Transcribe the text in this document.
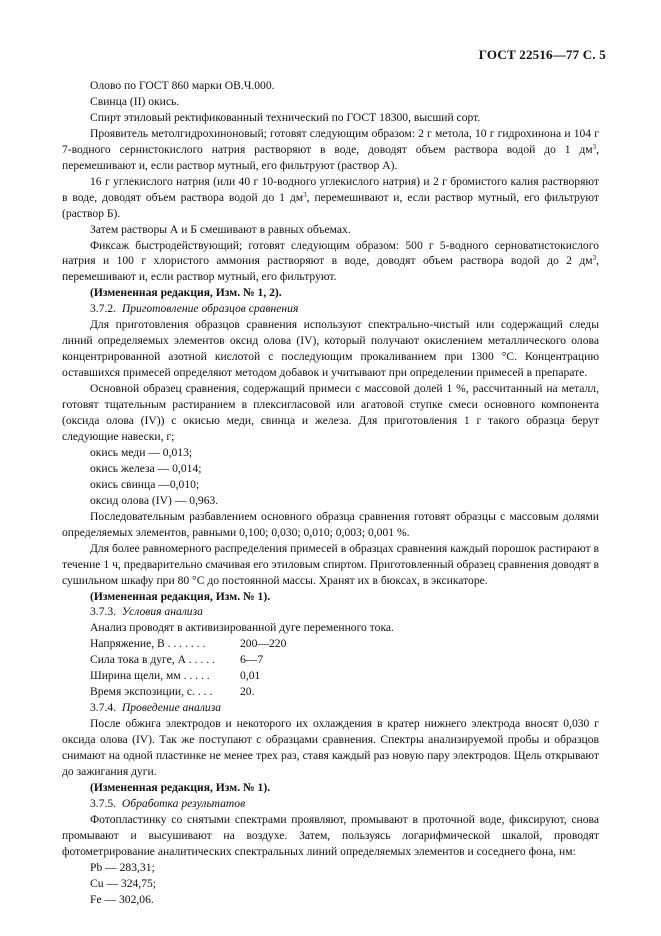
ГОСТ 22516—77 С. 5

Олово по ГОСТ 860 марки ОВ.Ч.000.

Свинца (II) окись.

Спирт этиловый ректификованный технический по ГОСТ 18300, высший сорт.

Проявитель метолгидрохиноновый; готовят следующим образом: 2 г метола, 10 г гидрохинона и 104 г 7-водного сернистокислого натрия растворяют в воде, доводят объем раствора водой до 1 $дм^3$, перемешивают и, если раствор мутный, его фильтруют (раствор А).

16 г углекислого натрия (или 40 г 10-водного углекислого натрия) и 2 г бромистого калия растворяют в воде, доводят объем раствора водой до 1 $дм^3$, перемешивают и, если раствор мутный, его фильтруют (раствор Б).

Затем растворы А и Б смешивают в равных объемах.

Фиксаж быстродействующий; готовят следующим образом: 500 г 5-водного серноватистокислого натрия и 100 г хлористого аммония растворяют в воде, доводят объем раствора водой до 2 $дм^3$, перемешивают и, если раствор мутный, его фильтруют.

(Измененная редакция, Изм. № 1, 2).

3.7.2. Приготовление образцов сравнения

Для приготовления образцов сравнения используют спектрально-чистый или содержащий следы линий определяемых элементов оксид олова (IV), который получают окислением металлического олова концентрированной азотной кислотой с последующим прокаливанием при 1300 °С. Концентрацию оставшихся примесей определяют методом добавок и учитывают при определении примесей в препарате.

Основной образец сравнения, содержащий примеси с массовой долей 1 %, рассчитанный на металл, готовят тщательным растиранием в плексигласовой или агатовой ступке смеси основного компонента (оксида олова (IV)) с окисью меди, свинца и железа. Для приготовления 1 г такого образца берут следующие навески, г;

окись меди — 0,013;

окись железа — 0,014;

окись свинца —0,010;

оксид олова (IV) — 0,963.

Последовательным разбавлением основного образца сравнения готовят образцы с массовым долями определяемых элементов, равными 0,100; 0,030; 0,010; 0,003; 0,001 %.

Для более равномерного распределения примесей в образцах сравнения каждый порошок растирают в течение 1 ч, предварительно смачивая его этиловым спиртом. Приготовленный образец сравнения доводят в сушильном шкафу при 80 °С до постоянной массы. Хранят их в бюксах, в эксикаторе.

(Измененная редакция, Изм. № 1).

3.7.3. Условия анализа

Анализ проводят в активизированной дуге переменного тока.

Напряжение, В . . . . . . .	200—220
Сила тока в дуге, А . . . . .	6—7
Ширина щели, мм . . . . .	0,01
Время экспозиции, с. . . .	20.

3.7.4. Проведение анализа

После обжига электродов и некоторого их охлаждения в кратер нижнего электрода вносят 0,030 г оксида олова (IV). Так же поступают с образцами сравнения. Спектры анализируемой пробы и образцов снимают на одной пластинке не менее трех раз, ставя каждый раз новую пару электродов. Щель открывают до зажигания дуги.

(Измененная редакция, Изм. № 1).

3.7.5. Обработка результатов

Фотопластинку со снятыми спектрами проявляют, промывают в проточной воде, фиксируют, снова промывают и высушивают на воздухе. Затем, пользуясь логарифмической шкалой, проводят фотометрирование аналитических спектральных линий определяемых элементов и соседнего фона, нм:

Pb — 283,31;

Cu — 324,75;

Fe — 302,06.
